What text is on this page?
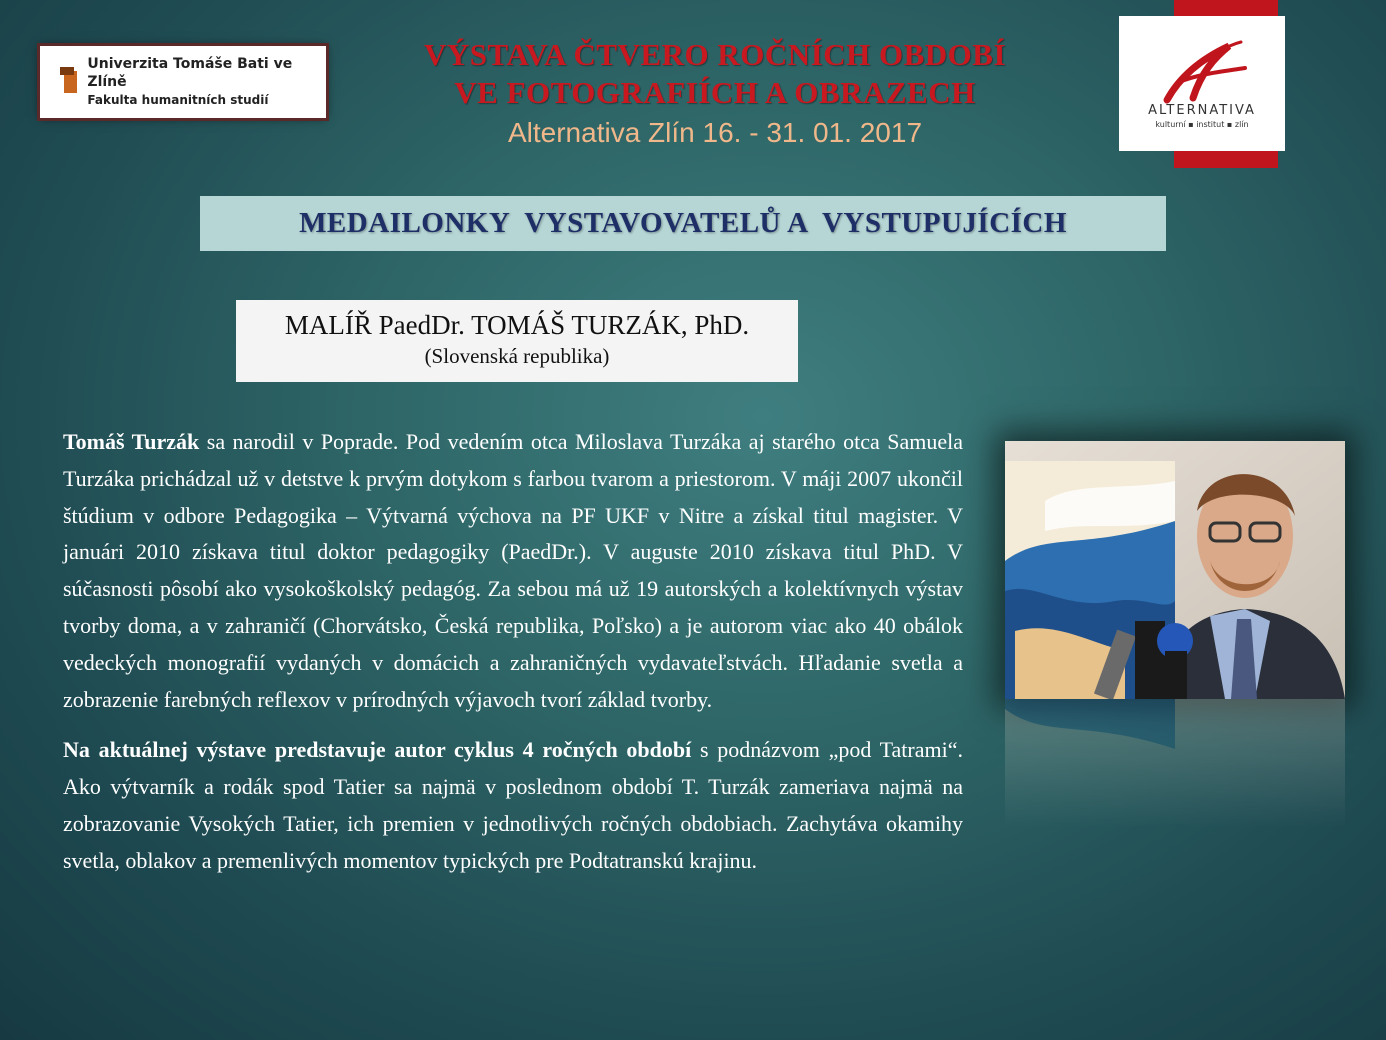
Univerzita Tomáše Bati ve Zlíně
Fakulta humanitních studií
VÝSTAVA ČTVERO ROČNÍCH OBDOBÍ
VE FOTOGRAFIÍCH A OBRAZECH
Alternativa Zlín 16. - 31. 01. 2017
ALTERNATIVA
kulturní ▪ institut ▪ zlín
MEDAILONKY  VYSTAVOVATELŮ A  VYSTUPUJÍCÍCH
MALÍŘ PaedDr. TOMÁŠ TURZÁK, PhD.
(Slovenská republika)

Tomáš Turzák sa narodil v Poprade. Pod vedením otca Miloslava Turzáka aj starého otca Samuela Turzáka prichádzal už v detstve k prvým dotykom s farbou tvarom a priestorom. V máji 2007 ukončil štúdium v odbore Pedagogika – Výtvarná výchova na PF UKF v Nitre a získal titul magister. V januári 2010 získava titul doktor pedagogiky (PaedDr.). V auguste 2010 získava titul PhD. V súčasnosti pôsobí ako vysokoškolský pedagóg. Za sebou má už 19 autorských a kolektívnych výstav tvorby doma, a v zahraničí (Chorvátsko, Česká republika, Poľsko) a je autorom viac ako 40 obálok vedeckých monografií vydaných v domácich a zahraničných vydavateľstvách. Hľadanie svetla a zobrazenie farebných reflexov v prírodných výjavoch tvorí základ tvorby.

Na aktuálnej výstave predstavuje autor cyklus 4 ročných období s podnázvom „pod Tatrami“. Ako výtvarník a rodák spod Tatier sa najmä v poslednom období T. Turzák zameriava najmä na zobrazovanie Vysokých Tatier, ich premien v jednotlivých ročných obdobiach. Zachytáva okamihy svetla, oblakov a premenlivých momentov typických pre Podtatranskú krajinu.
